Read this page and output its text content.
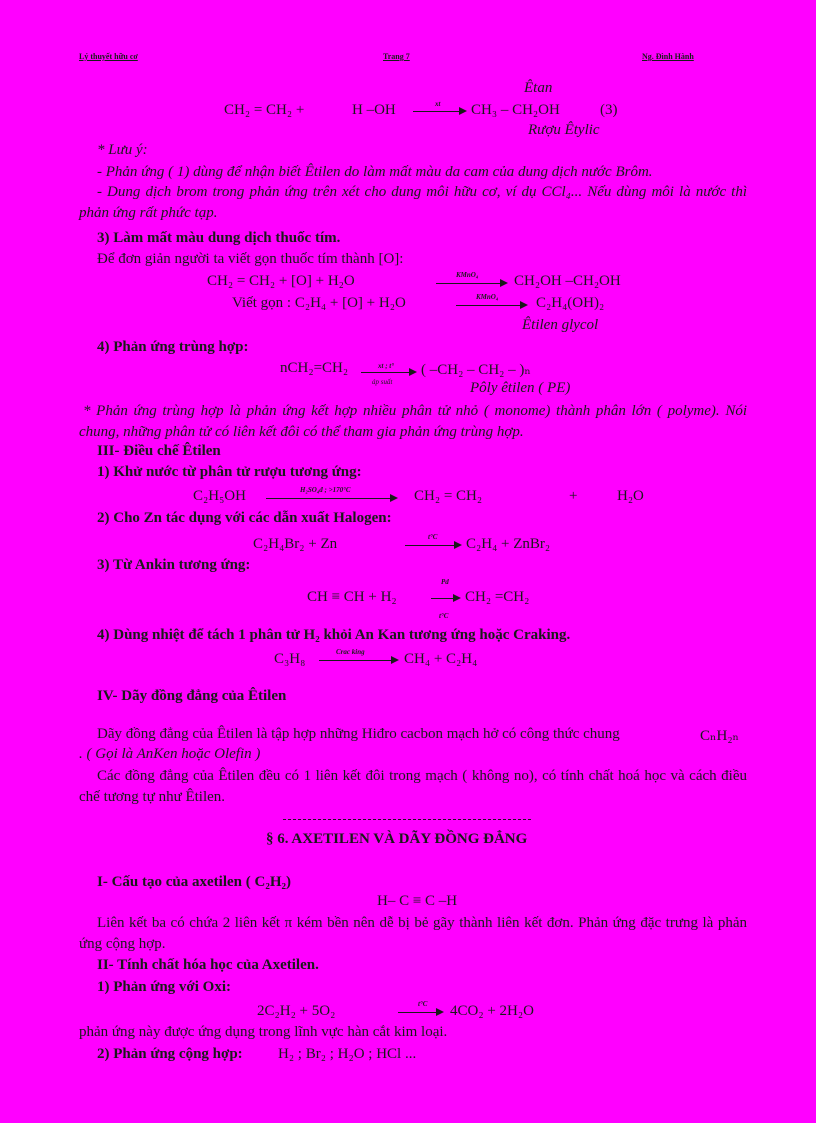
Lý thuyết hữu cơ	Trang 7	Ng. Đình Hành
Êtan
CH₂ = CH₂ +	H –OH	xt CH₃ – CH₂OH	(3)
Rượu Êtylic
* Lưu ý:
- Phản ứng ( 1) dùng để nhận biết Êtilen do làm mất màu da cam của dung dịch nước Brôm.
- Dung dịch brom trong phản ứng trên xét cho dung môi hữu cơ, ví dụ CCl₄... Nếu dùng môi là nước thì phản ứng rất phức tạp.
3) Làm mất màu dung dịch thuốc tím.
Để đơn giản người ta viết gọn thuốc tím thành [O]:
CH₂ = CH₂ + [O] + H₂O	KMnO₄ CH₂OH –CH₂OH
Viết gọn : C₂H₄ + [O] + H₂O	KMnO₄	C₂H₄(OH)₂
Êtilen glycol
4) Phản ứng trùng hợp:
nCH₂=CH₂	xt ; t°
áp suất
( –CH₂ – CH₂ – )ₙ
Pôly êtilen ( PE)
* Phản ứng trùng hợp là phản ứng kết hợp nhiều phân tử nhỏ ( monome) thành phân lớn ( polyme). Nói chung, những phân tử có liên kết đôi có thể tham gia phản ứng trùng hợp.
III- Điều chế Êtilen
1) Khử nước từ phân tử rượu tương ứng:
C₂H₅OH	H₂SO₄đ ; >170°C	CH₂ = CH₂	+	H₂O
2) Cho Zn tác dụng với các dẫn xuất Halogen:
C₂H₄Br₂ + Zn	t°C C₂H₄ + ZnBr₂
3) Từ Ankin tương ứng:
Pd
CH ≡ CH + H₂	CH₂ =CH₂
t°C
4) Dùng nhiệt để tách 1 phân tử H₂ khỏi An Kan tương ứng hoặc Craking.
C₃H₈	Crac king	CH₄ + C₂H₄
IV- Dãy đồng đẳng của Êtilen
Dãy đồng đẳng của Êtilen là tập hợp những Hiđro cacbon mạch hở có công thức chung	CₙH₂ₙ
. ( Gọi là AnKen hoặc Olefin )
Các đồng đẳng của Êtilen đều có 1 liên kết đôi trong mạch ( không no), có tính chất hoá học và cách điều chế tương tự như Êtilen.
§ 6. AXETILEN VÀ DÃY ĐỒNG ĐẲNG
I- Cấu tạo của axetilen ( C₂H₂)
H– C ≡ C –H
Liên kết ba có chứa 2 liên kết π kém bền nên dễ bị bẻ gãy thành liên kết đơn. Phản ứng đặc trưng là phản ứng cộng hợp.
II- Tính chất hóa học của Axetilen.
1) Phản ứng với Oxi:
2C₂H₂ + 5O₂	t°C 4CO₂ + 2H₂O
phản ứng này được ứng dụng trong lĩnh vực hàn cắt kim loại.
2) Phản ứng cộng hợp: H₂ ; Br₂ ; H₂O ; HCl ...
